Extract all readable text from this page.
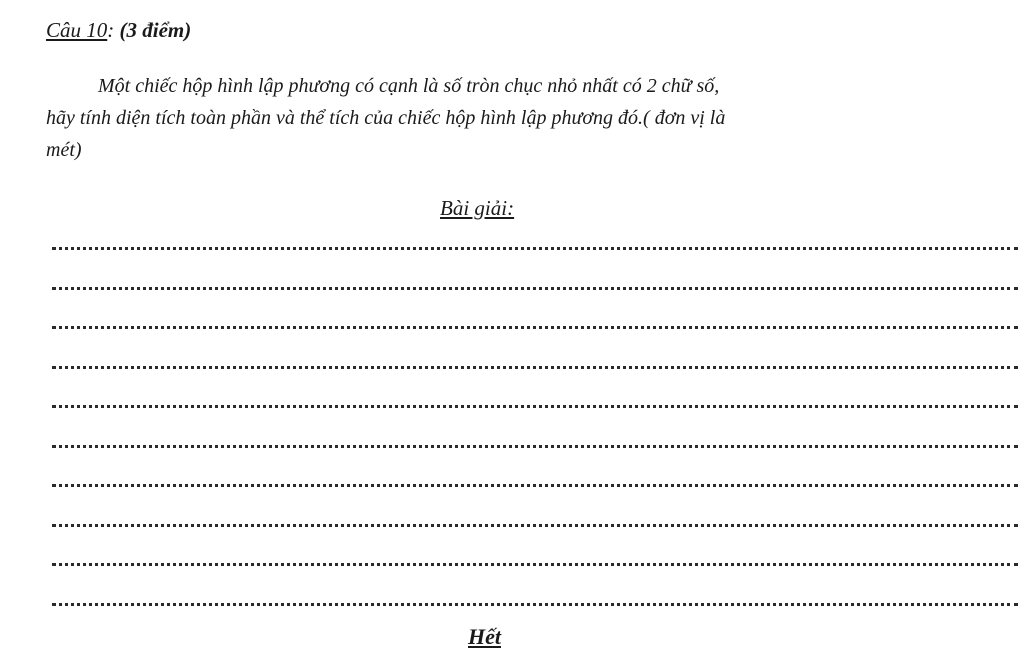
Câu 10: (3 điểm)
Một chiếc hộp hình lập phương có cạnh là số tròn chục nhỏ nhất có 2 chữ số,
hãy tính diện tích toàn phần và thể tích của chiếc hộp hình lập phương đó.( đơn vị là
mét)
Bài giải:
Hết
